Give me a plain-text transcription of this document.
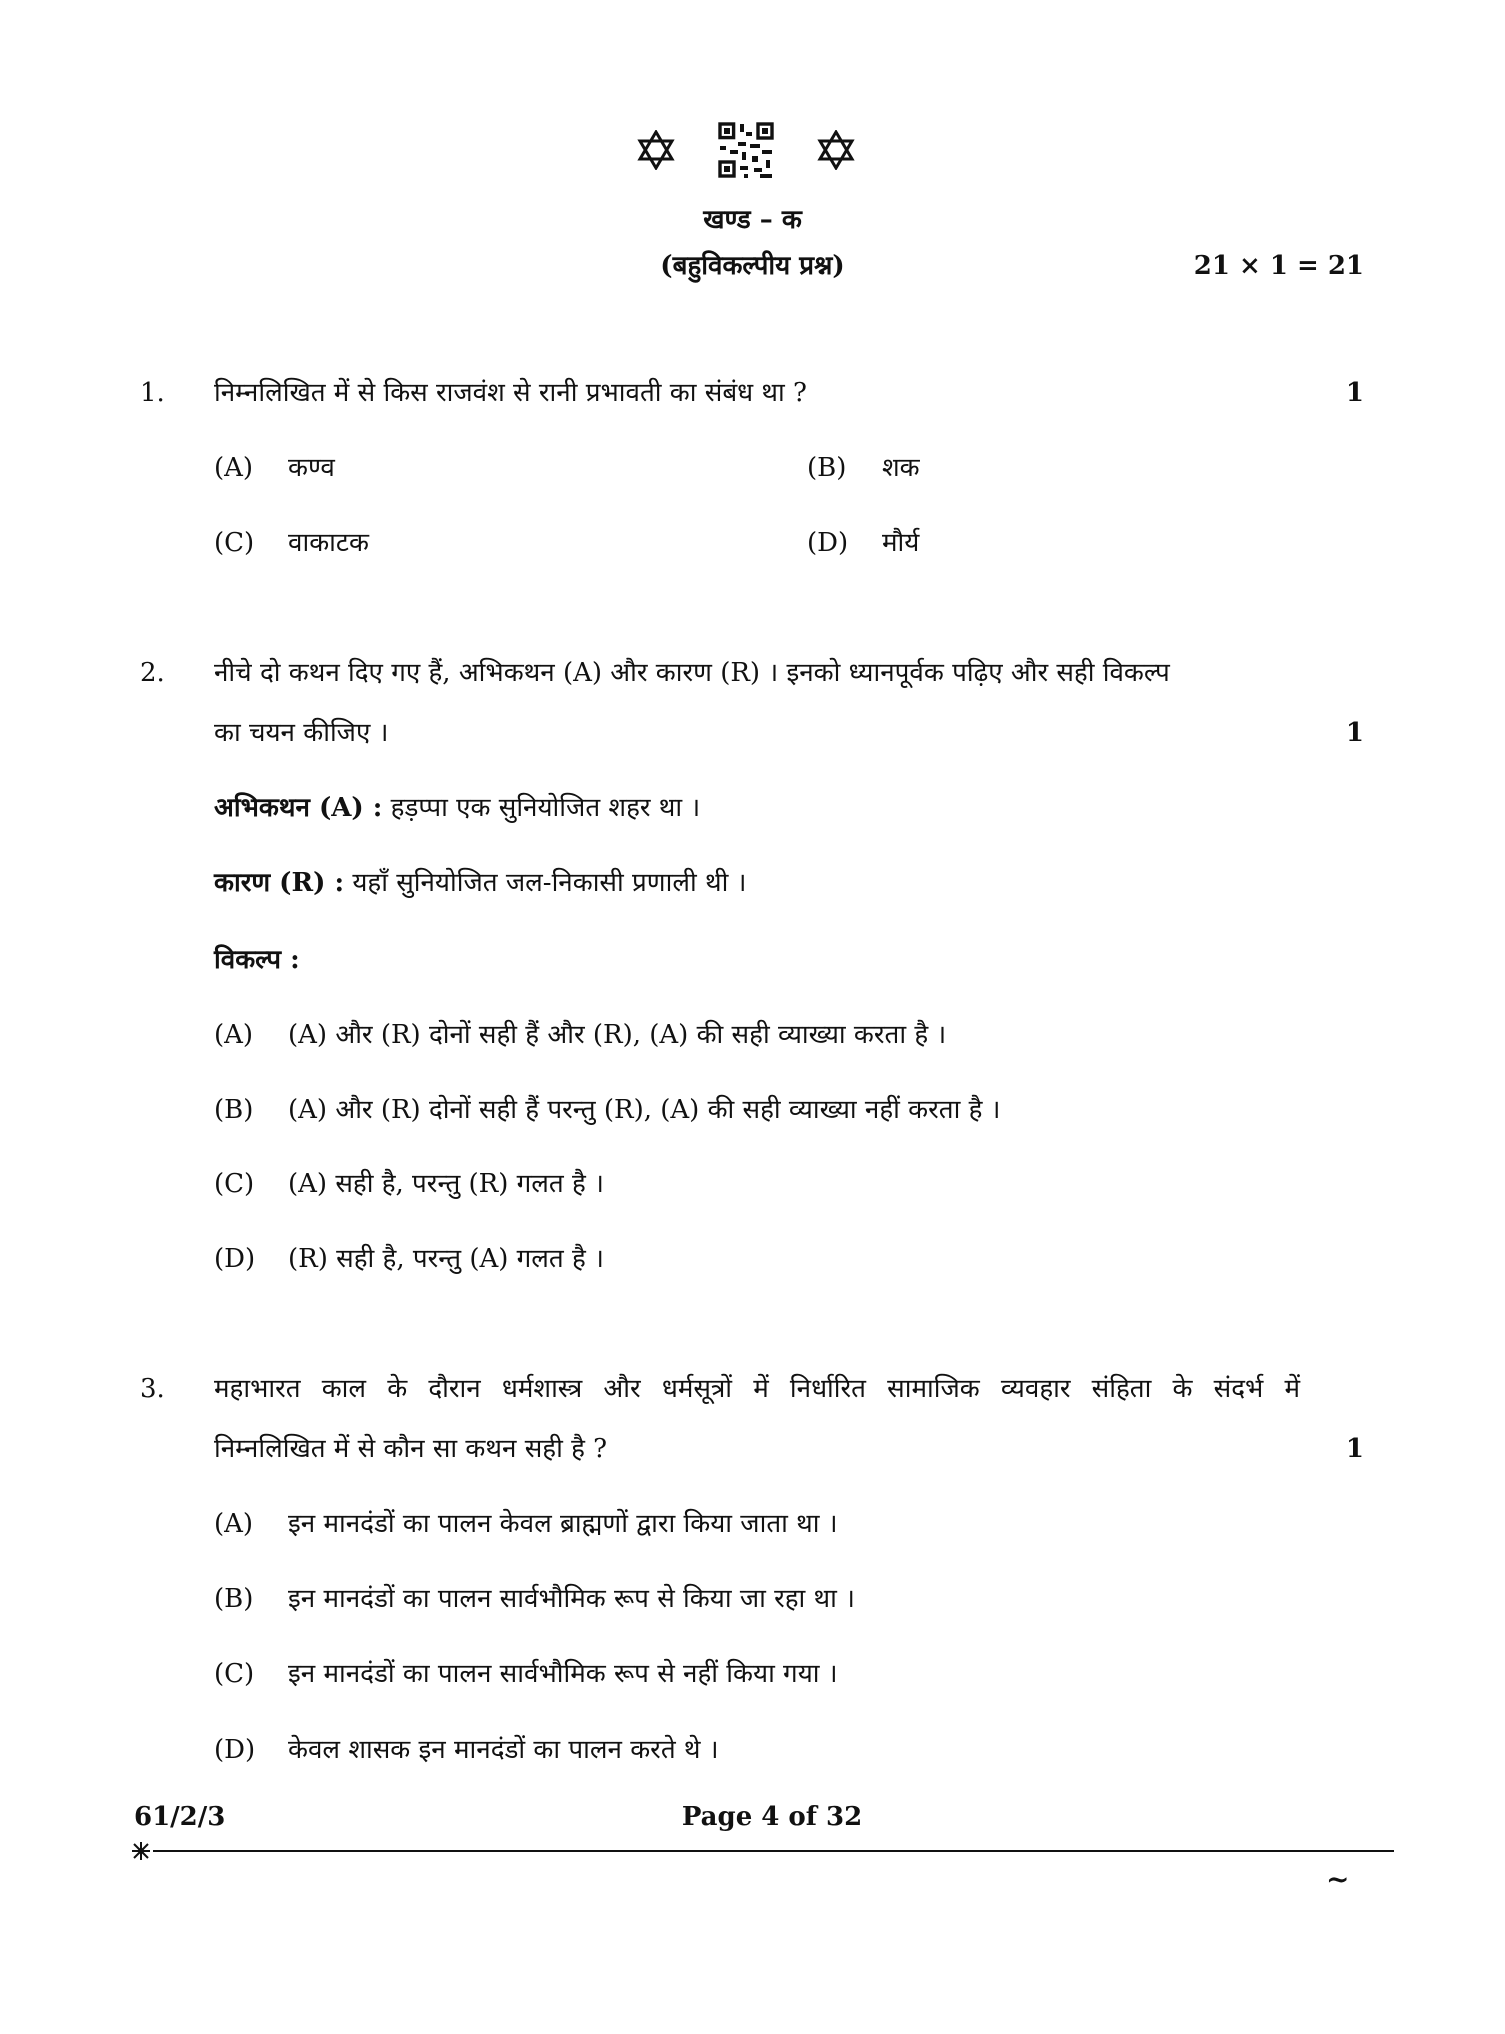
खण्ड – क
(बहुविकल्पीय प्रश्न)	21 × 1 = 21
1. निम्नलिखित में से किस राजवंश से रानी प्रभावती का संबंध था ?	1
(A) कण्व	(B) शक
(C) वाकाटक	(D) मौर्य
2. नीचे दो कथन दिए गए हैं, अभिकथन (A) और कारण (R) । इनको ध्यानपूर्वक पढ़िए और सही विकल्प
का चयन कीजिए ।	1
अभिकथन (A) : हड़प्पा एक सुनियोजित शहर था ।
कारण (R) : यहाँ सुनियोजित जल-निकासी प्रणाली थी ।
विकल्प :
(A) (A) और (R) दोनों सही हैं और (R), (A) की सही व्याख्या करता है ।
(B) (A) और (R) दोनों सही हैं परन्तु (R), (A) की सही व्याख्या नहीं करता है ।
(C) (A) सही है, परन्तु (R) गलत है ।
(D) (R) सही है, परन्तु (A) गलत है ।
3. महाभारत काल के दौरान धर्मशास्त्र और धर्मसूत्रों में निर्धारित सामाजिक व्यवहार संहिता के संदर्भ में
निम्नलिखित में से कौन सा कथन सही है ?	1
(A) इन मानदंडों का पालन केवल ब्राह्मणों द्वारा किया जाता था ।
(B) इन मानदंडों का पालन सार्वभौमिक रूप से किया जा रहा था ।
(C) इन मानदंडों का पालन सार्वभौमिक रूप से नहीं किया गया ।
(D) केवल शासक इन मानदंडों का पालन करते थे ।
61/2/3	Page 4 of 32
~
